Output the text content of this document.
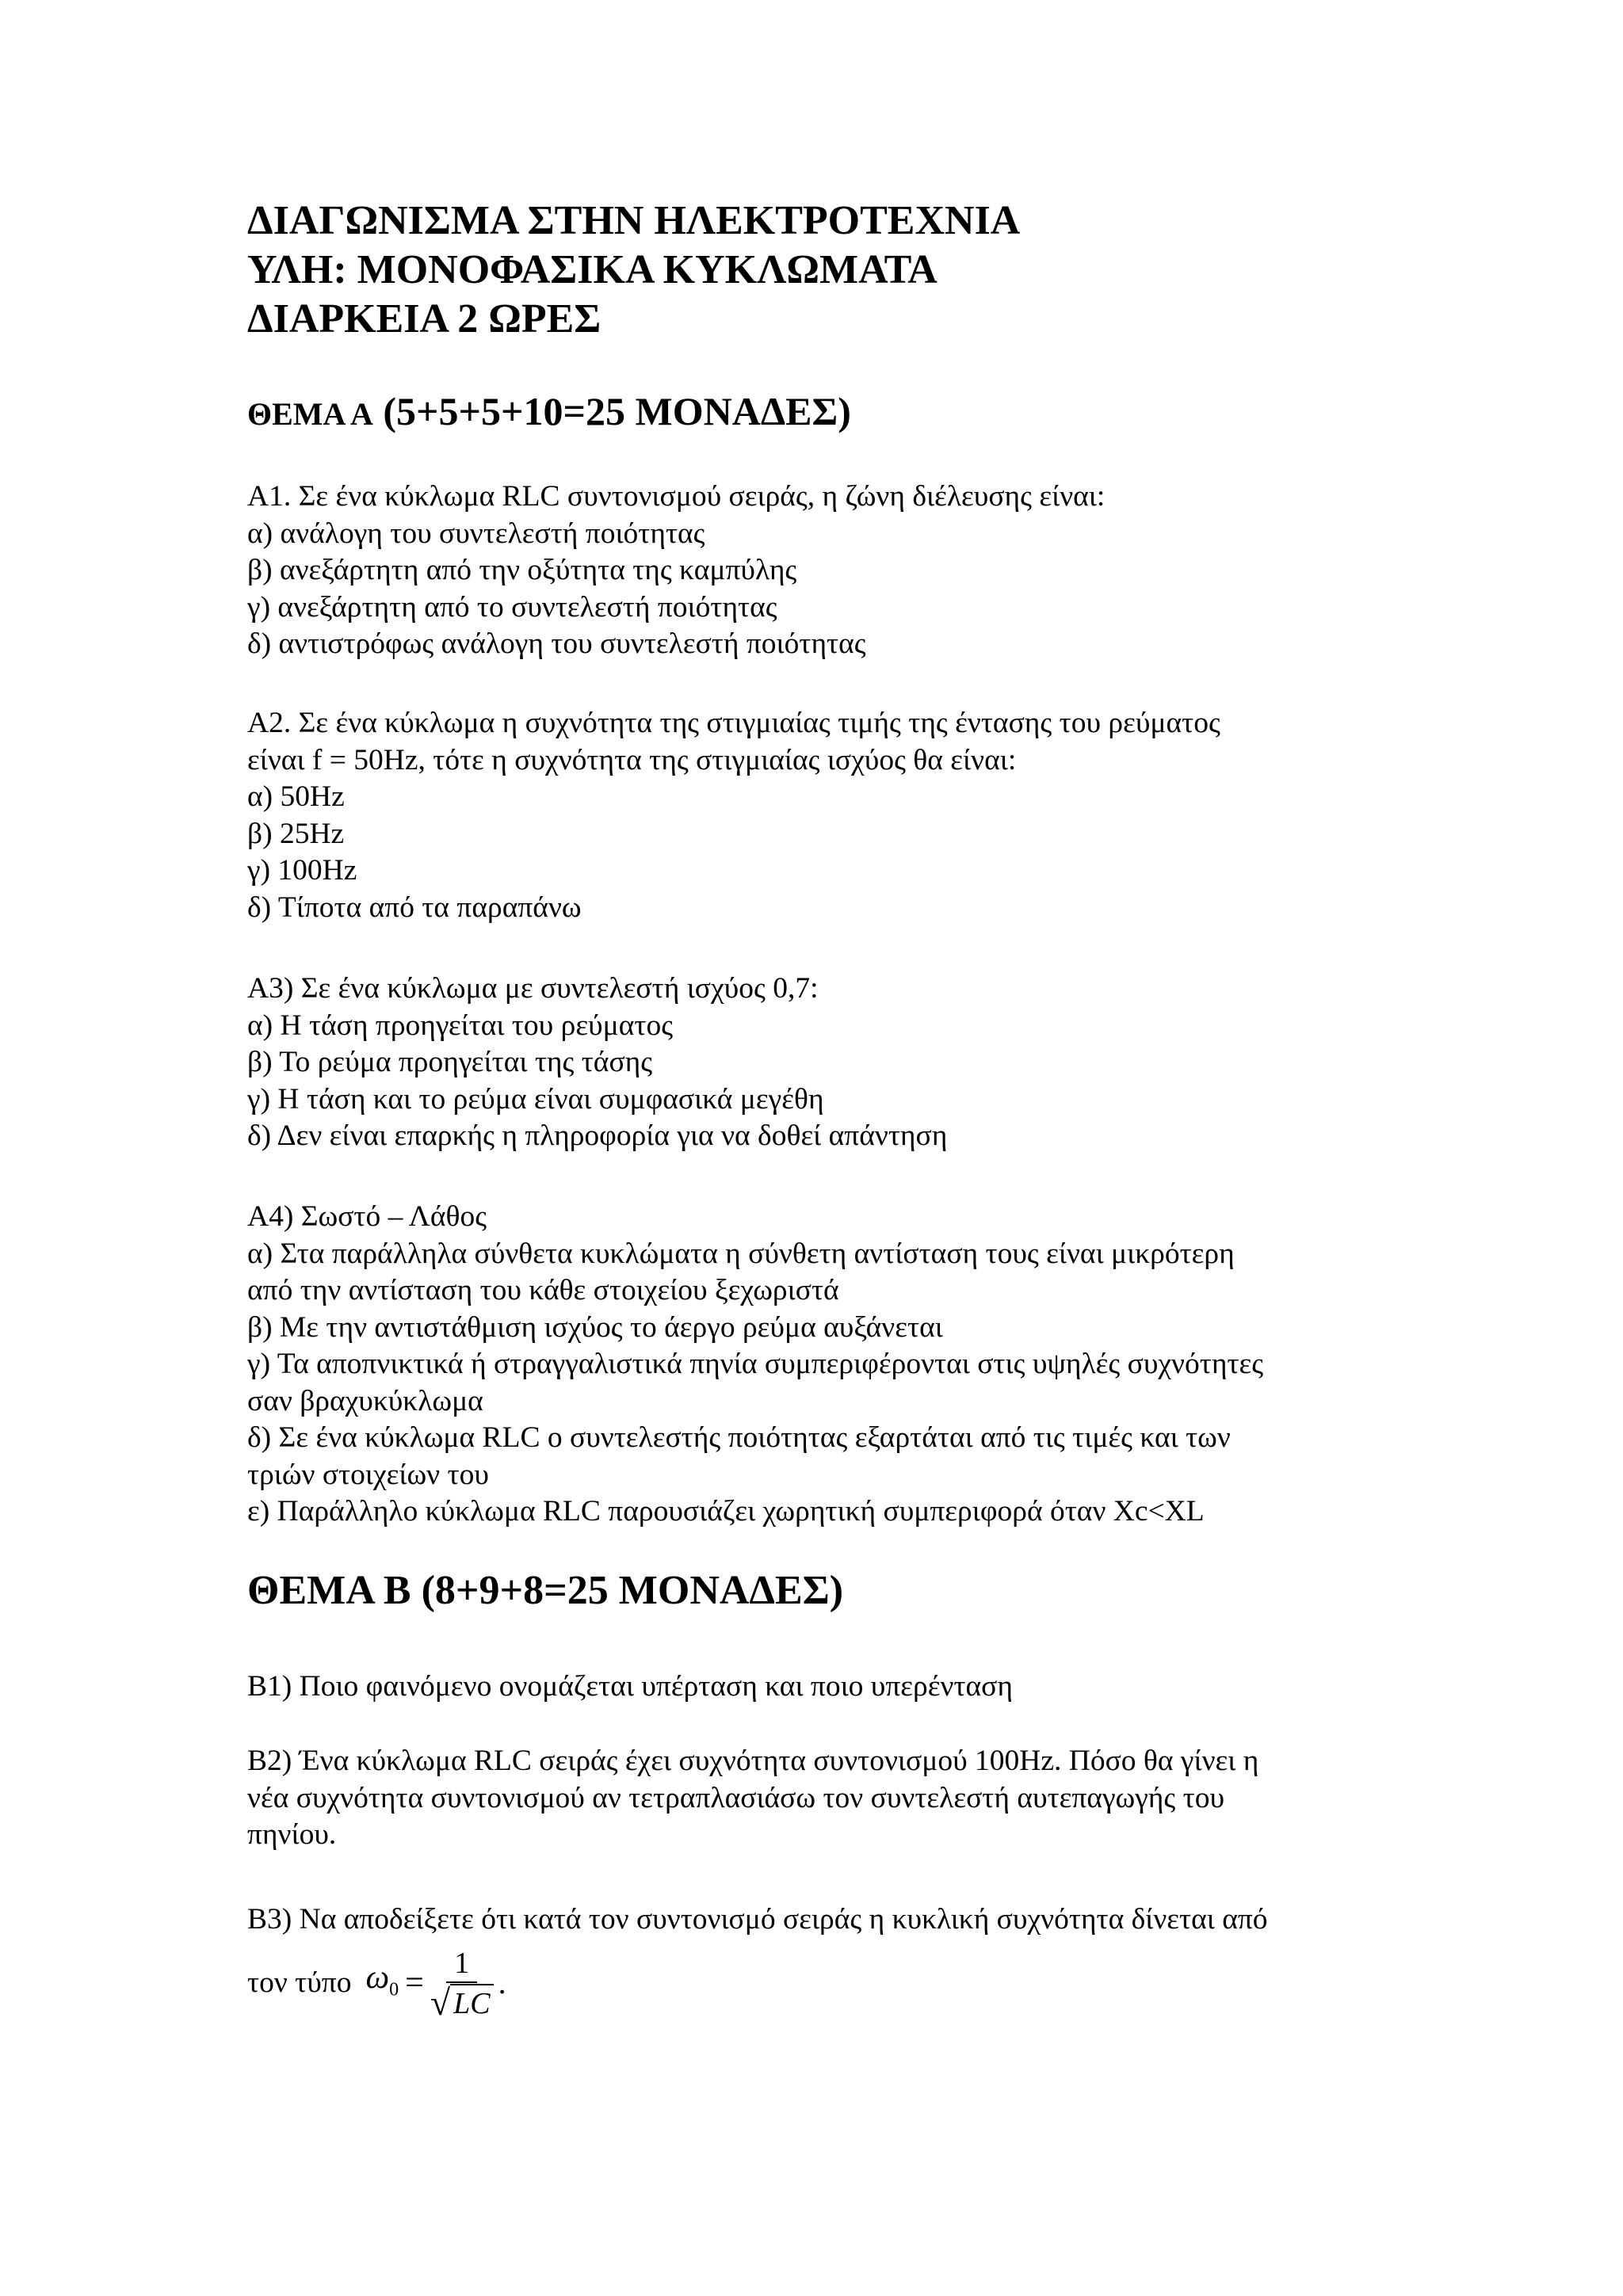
ΔΙΑΓΩΝΙΣΜΑ ΣΤΗΝ ΗΛΕΚΤΡΟΤΕΧΝΙΑ
ΥΛΗ: ΜΟΝΟΦΑΣΙΚΑ ΚΥΚΛΩΜΑΤΑ
ΔΙΑΡΚΕΙΑ 2 ΩΡΕΣ
ΘΕΜΑ Α (5+5+5+10=25 ΜΟΝΑΔΕΣ)
Α1. Σε ένα κύκλωμα RLC συντονισμού σειράς, η ζώνη διέλευσης είναι:
α) ανάλογη του συντελεστή ποιότητας
β) ανεξάρτητη από την οξύτητα της καμπύλης
γ) ανεξάρτητη από το συντελεστή ποιότητας
δ) αντιστρόφως ανάλογη του συντελεστή ποιότητας
Α2. Σε ένα κύκλωμα η συχνότητα της στιγμιαίας τιμής της έντασης του ρεύματος
είναι f = 50Hz, τότε η συχνότητα της στιγμιαίας ισχύος θα είναι:
α) 50Hz
β) 25Hz
γ) 100Hz
δ) Τίποτα από τα παραπάνω
Α3) Σε ένα κύκλωμα με συντελεστή ισχύος 0,7:
α) Η τάση προηγείται του ρεύματος
β) Το ρεύμα προηγείται της τάσης
γ) Η τάση και το ρεύμα είναι συμφασικά μεγέθη
δ) Δεν είναι επαρκής η πληροφορία για να δοθεί απάντηση
Α4) Σωστό – Λάθος
α) Στα παράλληλα σύνθετα κυκλώματα η σύνθετη αντίσταση τους είναι μικρότερη
από την αντίσταση του κάθε στοιχείου ξεχωριστά
β) Με την αντιστάθμιση ισχύος το άεργο ρεύμα αυξάνεται
γ) Τα αποπνικτικά ή στραγγαλιστικά πηνία συμπεριφέρονται στις υψηλές συχνότητες
σαν βραχυκύκλωμα
δ) Σε ένα κύκλωμα RLC ο συντελεστής ποιότητας εξαρτάται από τις τιμές και των
τριών στοιχείων του
ε) Παράλληλο κύκλωμα RLC παρουσιάζει χωρητική συμπεριφορά όταν Xc<XL
ΘΕΜΑ Β (8+9+8=25 ΜΟΝΑΔΕΣ)
Β1) Ποιο φαινόμενο ονομάζεται υπέρταση και ποιο υπερένταση
Β2) Ένα κύκλωμα RLC σειράς έχει συχνότητα συντονισμού 100Hz. Πόσο θα γίνει η
νέα συχνότητα συντονισμού αν τετραπλασιάσω τον συντελεστή αυτεπαγωγής του
πηνίου.
Β3) Να αποδείξετε ότι κατά τον συντονισμό σειράς η κυκλική συχνότητα δίνεται από
τον τύπο $\omega_0 = \frac{1}{√ LC}$ .
